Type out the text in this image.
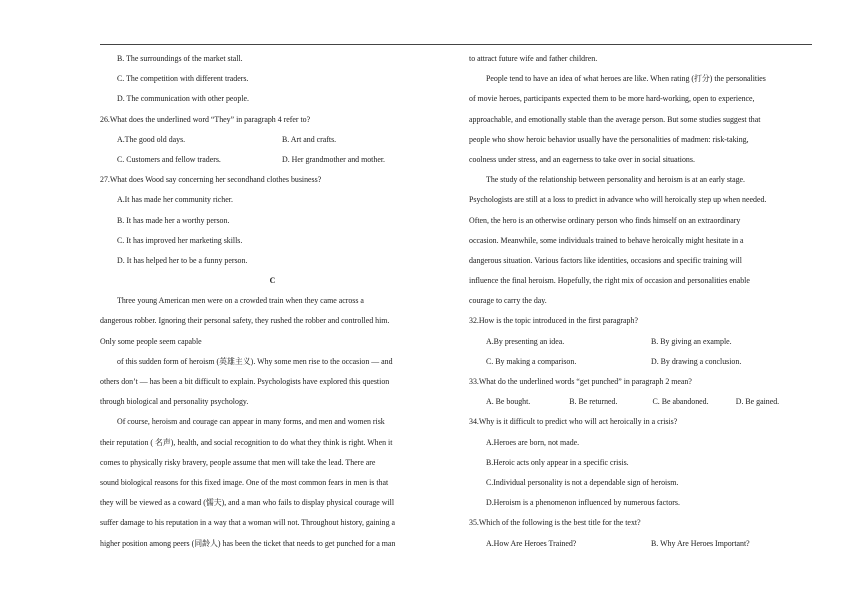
B. The surroundings of the market stall.
C. The competition with different traders.
D. The communication with other people.
26.What does the underlined word “They” in paragraph 4 refer to?
A.The good old days.	B. Art and crafts.
C. Customers and fellow traders.	D. Her grandmother and mother.
27.What does Wood say concerning her secondhand clothes business?
A.It has made her community richer.
B. It has made her a worthy person.
C. It has improved her marketing skills.
D. It has helped her to be a funny person.
C
Three young American men were on a crowded train when they came across a
dangerous robber. Ignoring their personal safety, they rushed the robber and controlled him.
Only some people seem capable
of this sudden form of heroism (英雄主义). Why some men rise to the occasion — and
others don’t — has been a bit difficult to explain. Psychologists have explored this question
through biological and personality psychology.
Of course, heroism and courage can appear in many forms, and men and women risk
their reputation ( 名声), health, and social recognition to do what they think is right. When it
comes to physically risky bravery, people assume that men will take the lead. There are
sound biological reasons for this fixed image. One of the most common fears in men is that
they will be viewed as a coward (懦夫), and a man who fails to display physical courage will
suffer damage to his reputation in a way that a woman will not. Throughout history, gaining a
higher position among peers (同龄人) has been the ticket that needs to get punched for a man
to attract future wife and father children.
People tend to have an idea of what heroes are like. When rating (打分) the personalities
of movie heroes, participants expected them to be more hard-working, open to experience,
approachable, and emotionally stable than the average person. But some studies suggest that
people who show heroic behavior usually have the personalities of madmen: risk-taking,
coolness under stress, and an eagerness to take over in social situations.
The study of the relationship between personality and heroism is at an early stage.
Psychologists are still at a loss to predict in advance who will heroically step up when needed.
Often, the hero is an otherwise ordinary person who finds himself on an extraordinary
occasion. Meanwhile, some individuals trained to behave heroically might hesitate in a
dangerous situation. Various factors like identities, occasions and specific training will
influence the final heroism. Hopefully, the right mix of occasion and personalities enable
courage to carry the day.
32.How is the topic introduced in the first paragraph?
A.By presenting an idea.	B. By giving an example.
C. By making a comparison.	D. By drawing a conclusion.
33.What do the underlined words “get punched” in paragraph 2 mean?
A. Be bought.	B. Be returned.	C. Be abandoned.	D. Be gained.
34.Why is it difficult to predict who will act heroically in a crisis?
A.Heroes are born, not made.
B.Heroic acts only appear in a specific crisis.
C.Individual personality is not a dependable sign of heroism.
D.Heroism is a phenomenon influenced by numerous factors.
35.Which of the following is the best title for the text?
A.How Are Heroes Trained?	B. Why Are Heroes Important?
